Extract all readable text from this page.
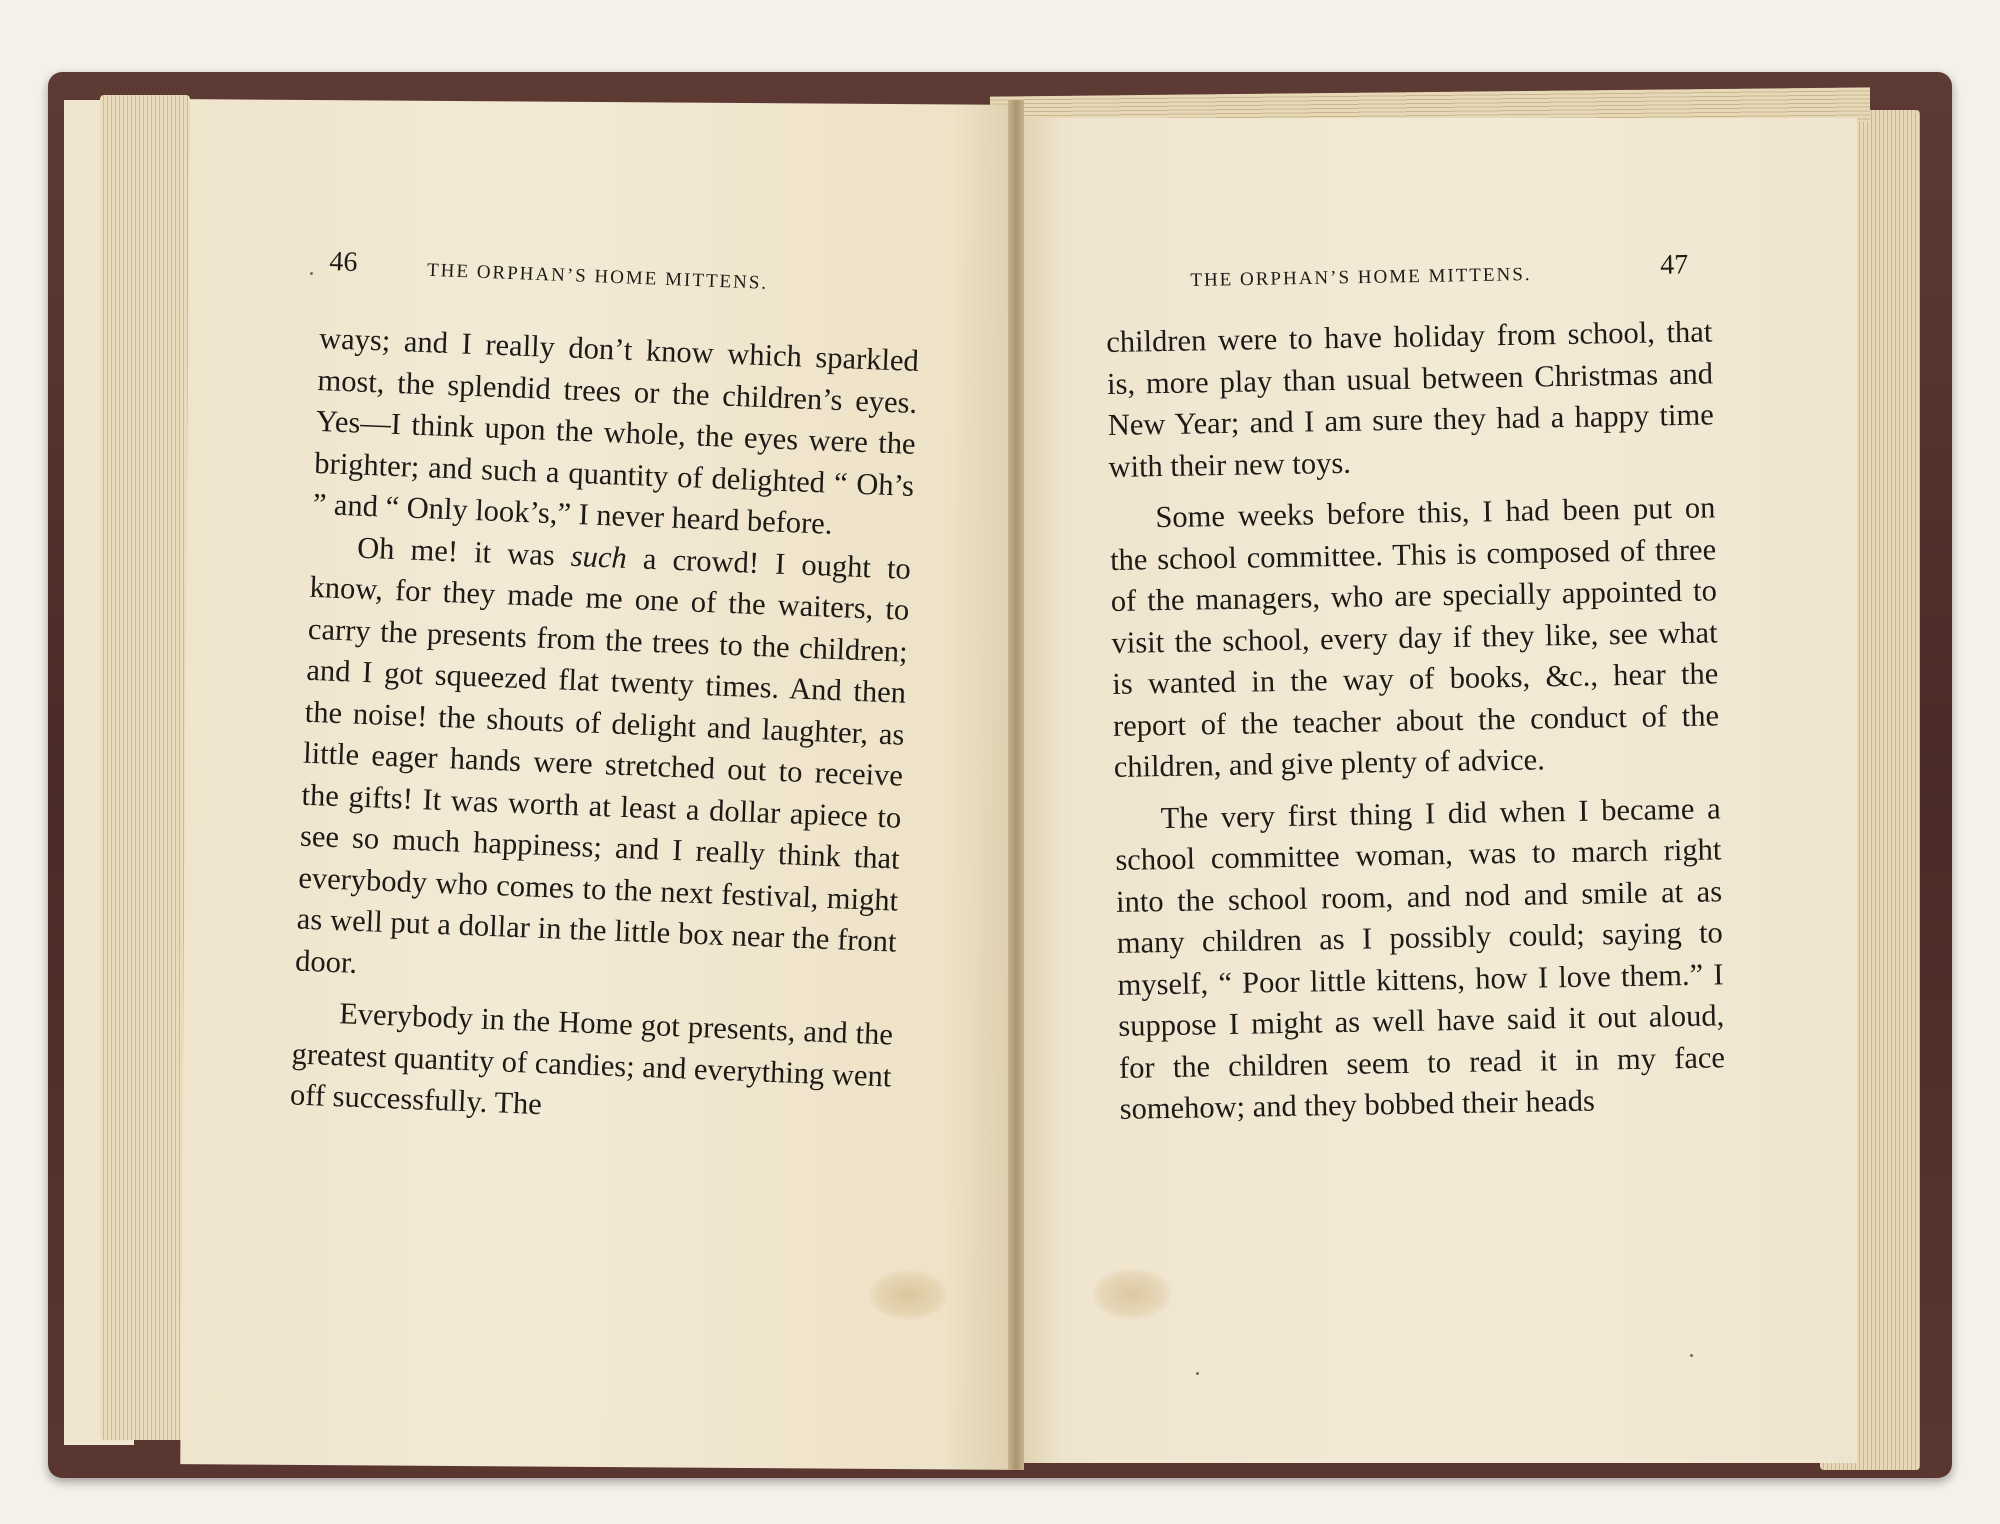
46	THE ORPHAN’S HOME MITTENS.

ways; and I really don’t know which sparkled most, the splendid trees or the children’s eyes. Yes—I think upon the whole, the eyes were the brighter; and such a quantity of delighted “ Oh’s ” and “ Only look’s,” I never heard before.

Oh me! it was such a crowd! I ought to know, for they made me one of the waiters, to carry the presents from the trees to the children; and I got squeezed flat twenty times. And then the noise! the shouts of delight and laughter, as little eager hands were stretched out to receive the gifts! It was worth at least a dollar apiece to see so much happiness; and I really think that everybody who comes to the next festival, might as well put a dollar in the little box near the front door.

Everybody in the Home got presents, and the greatest quantity of candies; and everything went off successfully. The

THE ORPHAN’S HOME MITTENS.	47

children were to have holiday from school, that is, more play than usual between Christmas and New Year; and I am sure they had a happy time with their new toys.

Some weeks before this, I had been put on the school committee. This is composed of three of the managers, who are specially appointed to visit the school, every day if they like, see what is wanted in the way of books, &c., hear the report of the teacher about the conduct of the children, and give plenty of advice.

The very first thing I did when I became a school committee woman, was to march right into the school room, and nod and smile at as many children as I possibly could; saying to myself, “ Poor little kittens, how I love them.” I suppose I might as well have said it out aloud, for the children seem to read it in my face somehow; and they bobbed their heads
